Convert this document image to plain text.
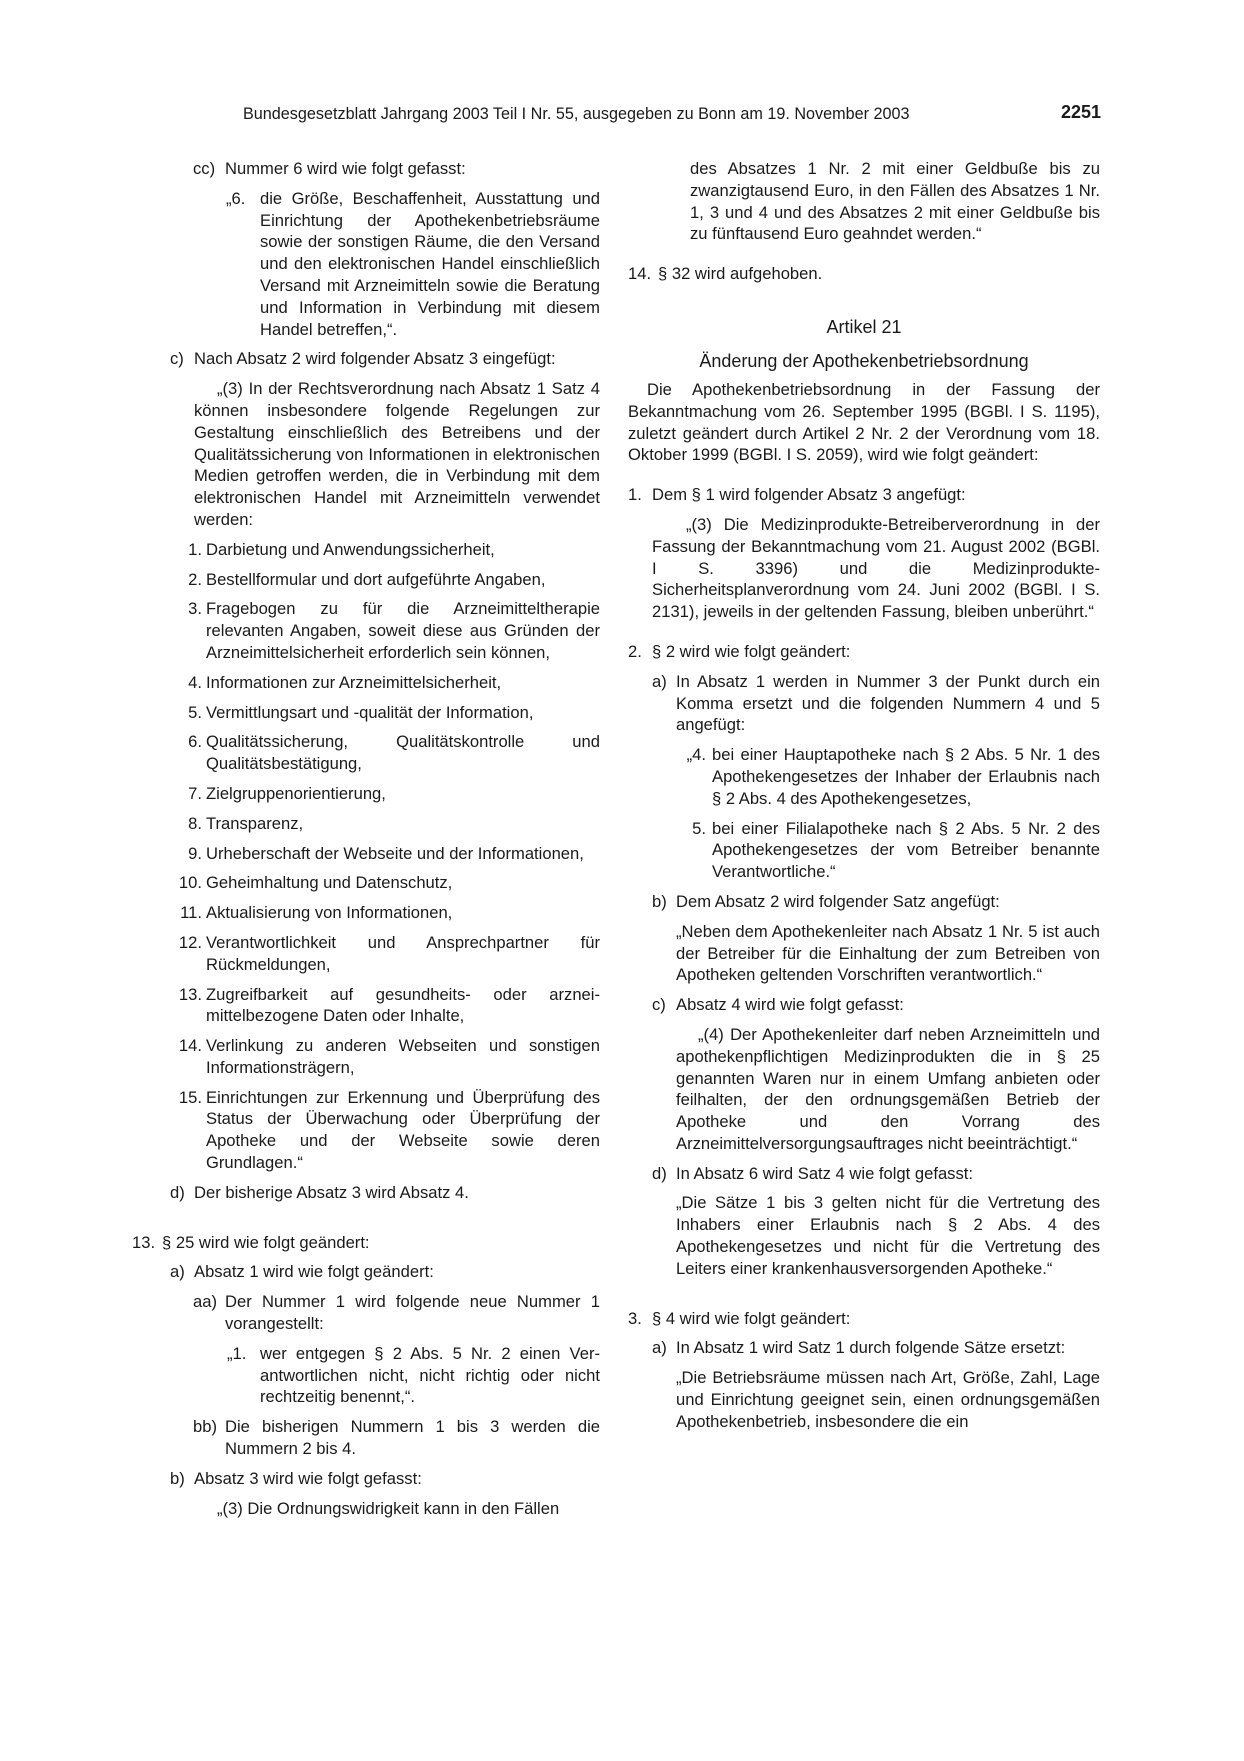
Bundesgesetzblatt Jahrgang 2003 Teil I Nr. 55, ausgegeben zu Bonn am 19. November 2003	2251
cc) Nummer 6 wird wie folgt gefasst:
„6. die Größe, Beschaffenheit, Ausstattung und Einrichtung der Apothekenbetriebsräume sowie der sonstigen Räume, die den Versand und den elektronischen Handel einschließlich Versand mit Arzneimitteln sowie die Beratung und Information in Verbindung mit diesem Handel betreffen,“.
c) Nach Absatz 2 wird folgender Absatz 3 eingefügt:

„(3) In der Rechtsverordnung nach Absatz 1 Satz 4 können insbesondere folgende Regelungen zur Gestaltung einschließlich des Betreibens und der Qualitätssicherung von Informationen in elektronischen Medien getroffen werden, die in Verbindung mit dem elektronischen Handel mit Arzneimitteln verwendet werden:

1. Darbietung und Anwendungssicherheit,
2. Bestellformular und dort aufgeführte Angaben,
3. Fragebogen zu für die Arzneimitteltherapie relevanten Angaben, soweit diese aus Gründen der Arzneimittelsicherheit erforderlich sein können,
4. Informationen zur Arzneimittelsicherheit,
5. Vermittlungsart und -qualität der Information,
6. Qualitätssicherung, Qualitätskontrolle und Qualitätsbestätigung,
7. Zielgruppenorientierung,
8. Transparenz,
9. Urheberschaft der Webseite und der Informationen,
10. Geheimhaltung und Datenschutz,
11. Aktualisierung von Informationen,
12. Verantwortlichkeit und Ansprechpartner für Rückmeldungen,
13. Zugreifbarkeit auf gesundheits- oder arzneimittelbezogene Daten oder Inhalte,
14. Verlinkung zu anderen Webseiten und sonstigen Informationsträgern,
15. Einrichtungen zur Erkennung und Überprüfung des Status der Überwachung oder Überprüfung der Apotheke und der Webseite sowie deren Grundlagen.“
d) Der bisherige Absatz 3 wird Absatz 4.
13. § 25 wird wie folgt geändert:
a) Absatz 1 wird wie folgt geändert:
aa) Der Nummer 1 wird folgende neue Nummer 1 vorangestellt:
„1. wer entgegen § 2 Abs. 5 Nr. 2 einen Verantwortlichen nicht, nicht richtig oder nicht rechtzeitig benennt,“.
bb) Die bisherigen Nummern 1 bis 3 werden die Nummern 2 bis 4.
b) Absatz 3 wird wie folgt gefasst:

„(3) Die Ordnungswidrigkeit kann in den Fällen

des Absatzes 1 Nr. 2 mit einer Geldbuße bis zu zwanzigtausend Euro, in den Fällen des Absatzes 1 Nr. 1, 3 und 4 und des Absatzes 2 mit einer Geldbuße bis zu fünftausend Euro geahndet werden.“

14. § 32 wird aufgehoben.

Artikel 21

Änderung der Apothekenbetriebsordnung

Die Apothekenbetriebsordnung in der Fassung der Bekanntmachung vom 26. September 1995 (BGBl. I S. 1195), zuletzt geändert durch Artikel 2 Nr. 2 der Verordnung vom 18. Oktober 1999 (BGBl. I S. 2059), wird wie folgt geändert:

1. Dem § 1 wird folgender Absatz 3 angefügt:

„(3) Die Medizinprodukte-Betreiberverordnung in der Fassung der Bekanntmachung vom 21. August 2002 (BGBl. I S. 3396) und die Medizinprodukte-Sicherheitsplanverordnung vom 24. Juni 2002 (BGBl. I S. 2131), jeweils in der geltenden Fassung, bleiben unberührt.“

2. § 2 wird wie folgt geändert:
a) In Absatz 1 werden in Nummer 3 der Punkt durch ein Komma ersetzt und die folgenden Nummern 4 und 5 angefügt:
„4. bei einer Hauptapotheke nach § 2 Abs. 5 Nr. 1 des Apothekengesetzes der Inhaber der Erlaubnis nach § 2 Abs. 4 des Apothekengesetzes,
5. bei einer Filialapotheke nach § 2 Abs. 5 Nr. 2 des Apothekengesetzes der vom Betreiber benannte Verantwortliche.“
b) Dem Absatz 2 wird folgender Satz angefügt:

„Neben dem Apothekenleiter nach Absatz 1 Nr. 5 ist auch der Betreiber für die Einhaltung der zum Betreiben von Apotheken geltenden Vorschriften verantwortlich.“

c) Absatz 4 wird wie folgt gefasst:

„(4) Der Apothekenleiter darf neben Arzneimitteln und apothekenpflichtigen Medizinprodukten die in § 25 genannten Waren nur in einem Umfang anbieten oder feilhalten, der den ordnungsgemäßen Betrieb der Apotheke und den Vorrang des Arzneimittelversorgungsauftrages nicht beeinträchtigt.“

d) In Absatz 6 wird Satz 4 wie folgt gefasst:

„Die Sätze 1 bis 3 gelten nicht für die Vertretung des Inhabers einer Erlaubnis nach § 2 Abs. 4 des Apothekengesetzes und nicht für die Vertretung des Leiters einer krankenhausversorgenden Apotheke.“

3. § 4 wird wie folgt geändert:
a) In Absatz 1 wird Satz 1 durch folgende Sätze ersetzt:

„Die Betriebsräume müssen nach Art, Größe, Zahl, Lage und Einrichtung geeignet sein, einen ordnungsgemäßen Apothekenbetrieb, insbesondere die ein
